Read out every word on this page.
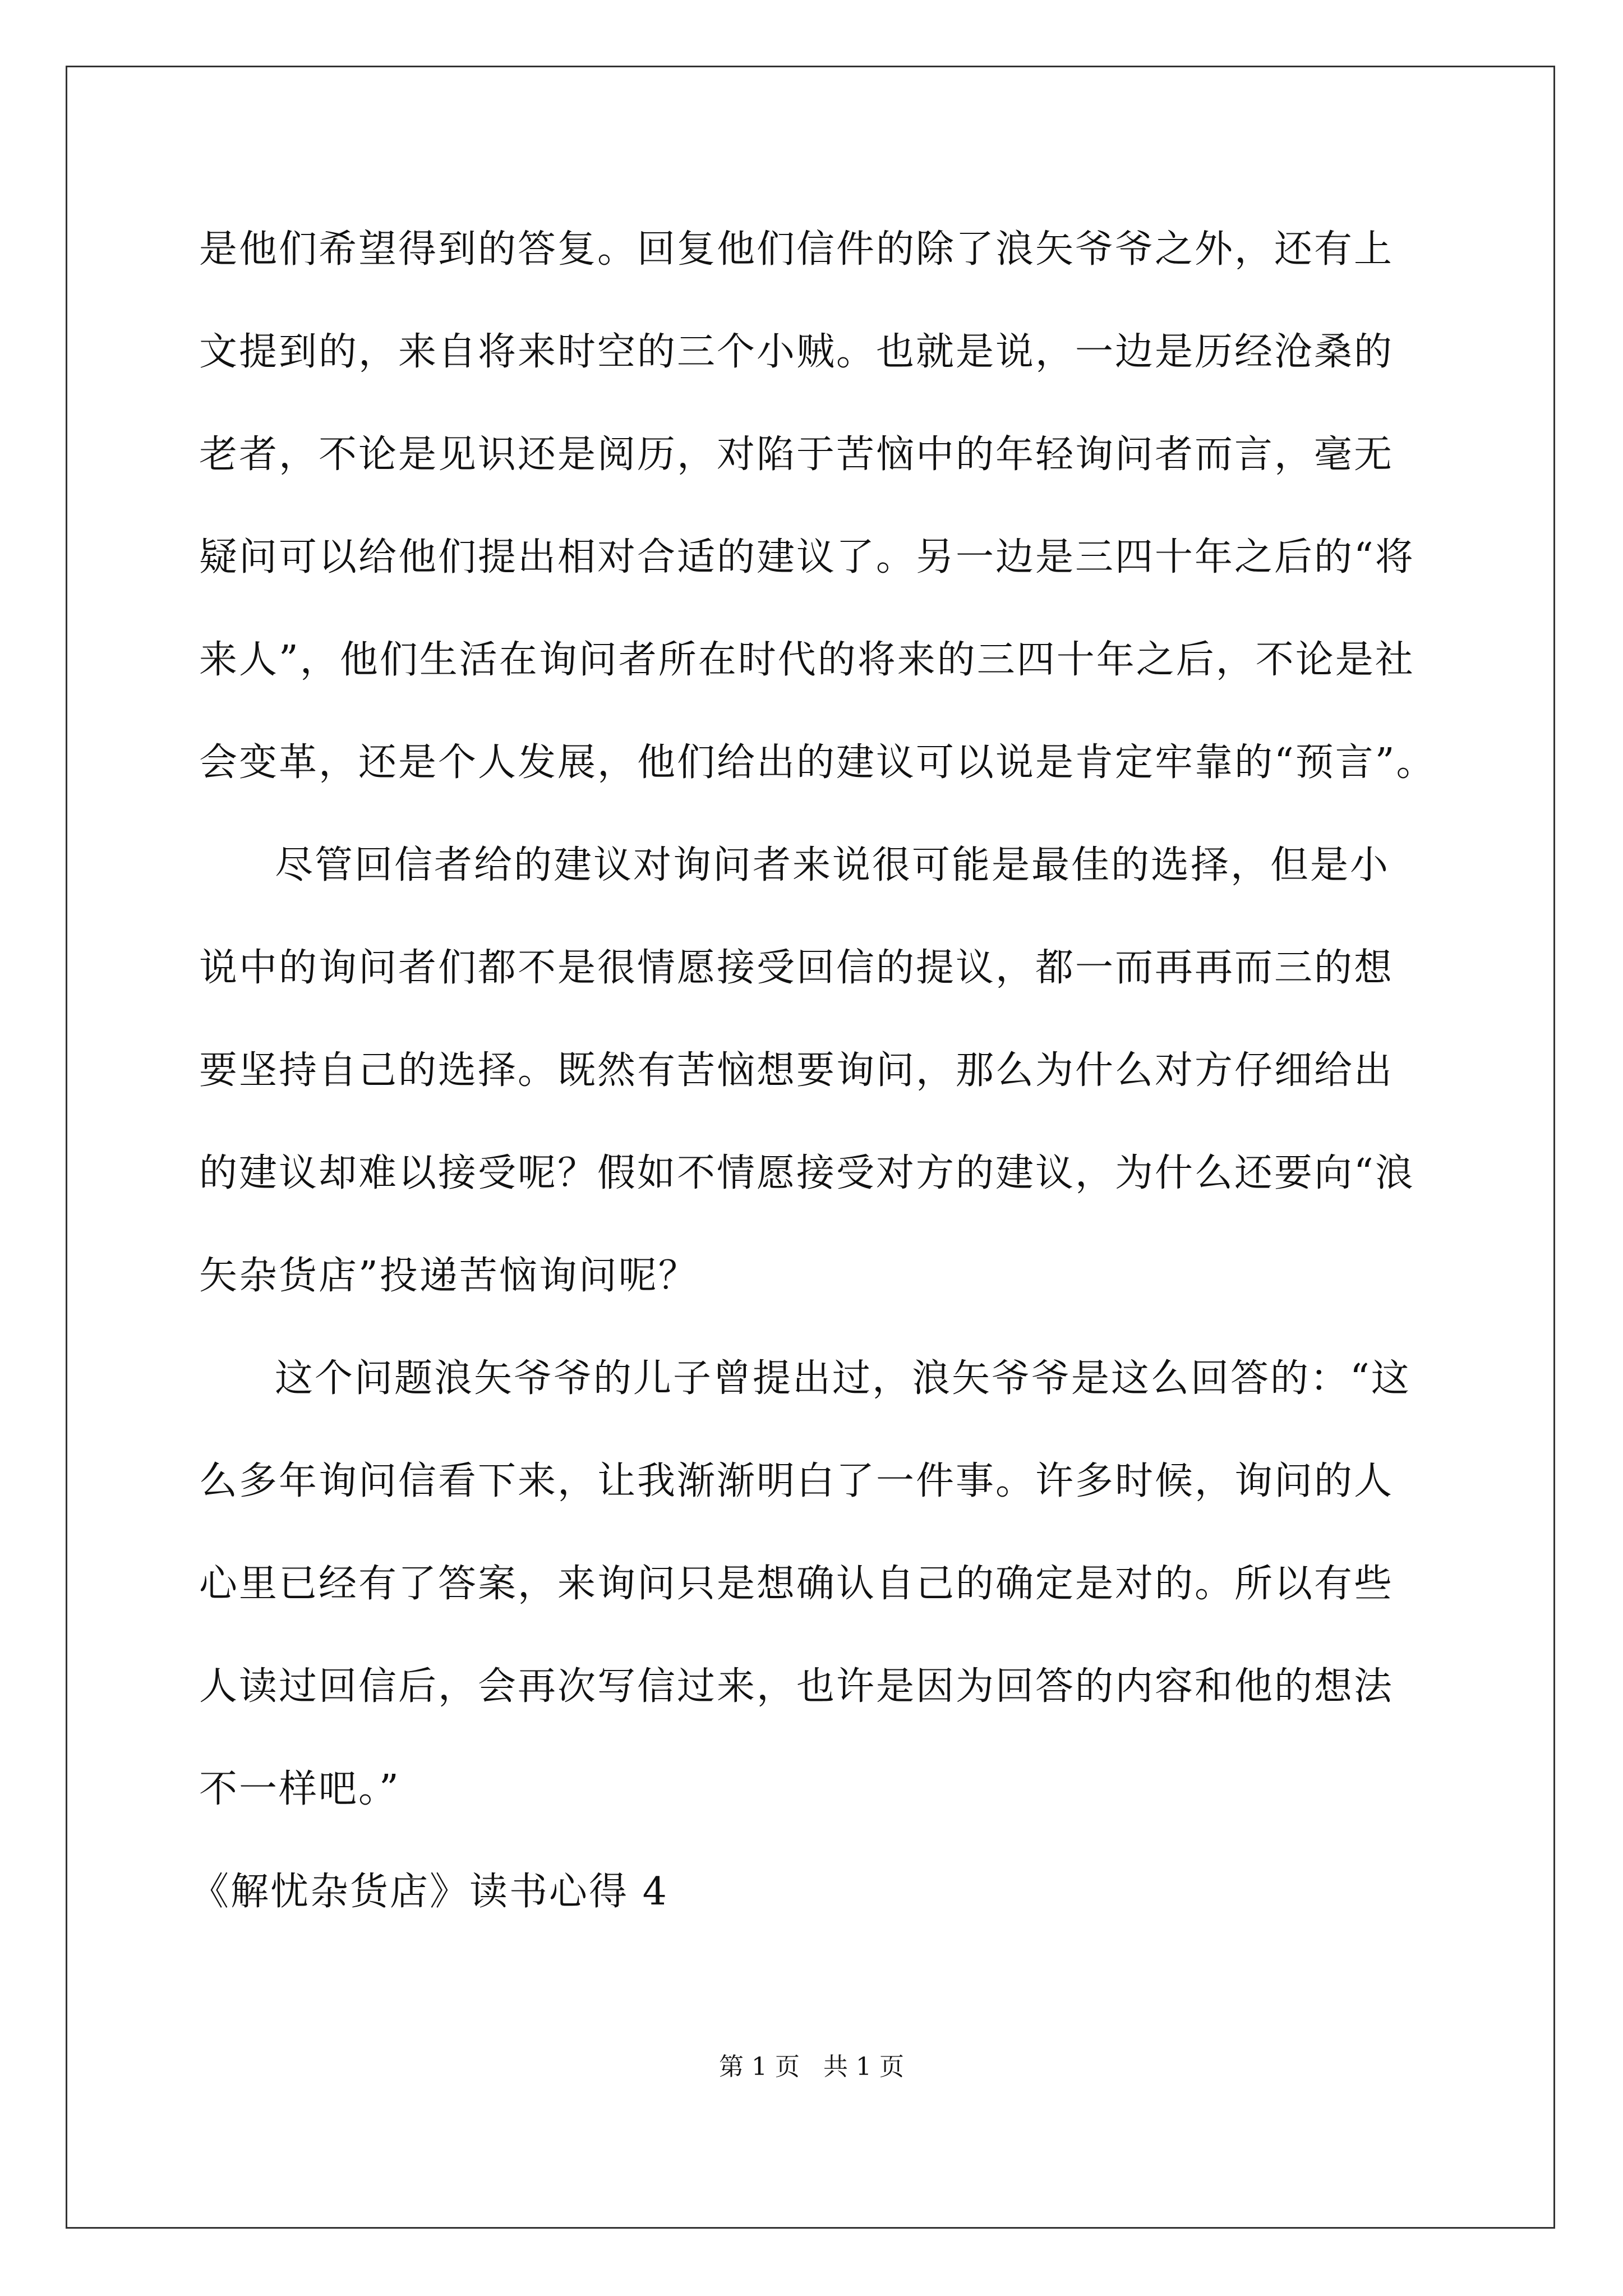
是他们希望得到的答复。回复他们信件的除了浪矢爷爷之外，还有上
文提到的，来自将来时空的三个小贼。也就是说，一边是历经沧桑的
老者，不论是见识还是阅历，对陷于苦恼中的年轻询问者而言，毫无
疑问可以给他们提出相对合适的建议了。另一边是三四十年之后的“将
来人”，他们生活在询问者所在时代的将来的三四十年之后，不论是社
会变革，还是个人发展，他们给出的建议可以说是肯定牢靠的“预言”。
尽管回信者给的建议对询问者来说很可能是最佳的选择，但是小
说中的询问者们都不是很情愿接受回信的提议，都一而再再而三的想
要坚持自己的选择。既然有苦恼想要询问，那么为什么对方仔细给出
的建议却难以接受呢？假如不情愿接受对方的建议，为什么还要向“浪
矢杂货店”投递苦恼询问呢？
这个问题浪矢爷爷的儿子曾提出过，浪矢爷爷是这么回答的：“这
么多年询问信看下来，让我渐渐明白了一件事。许多时候，询问的人
心里已经有了答案，来询问只是想确认自己的确定是对的。所以有些
人读过回信后，会再次写信过来，也许是因为回答的内容和他的想法
不一样吧。”
《解忧杂货店》读书心得 4
第 1 页   共 1 页
